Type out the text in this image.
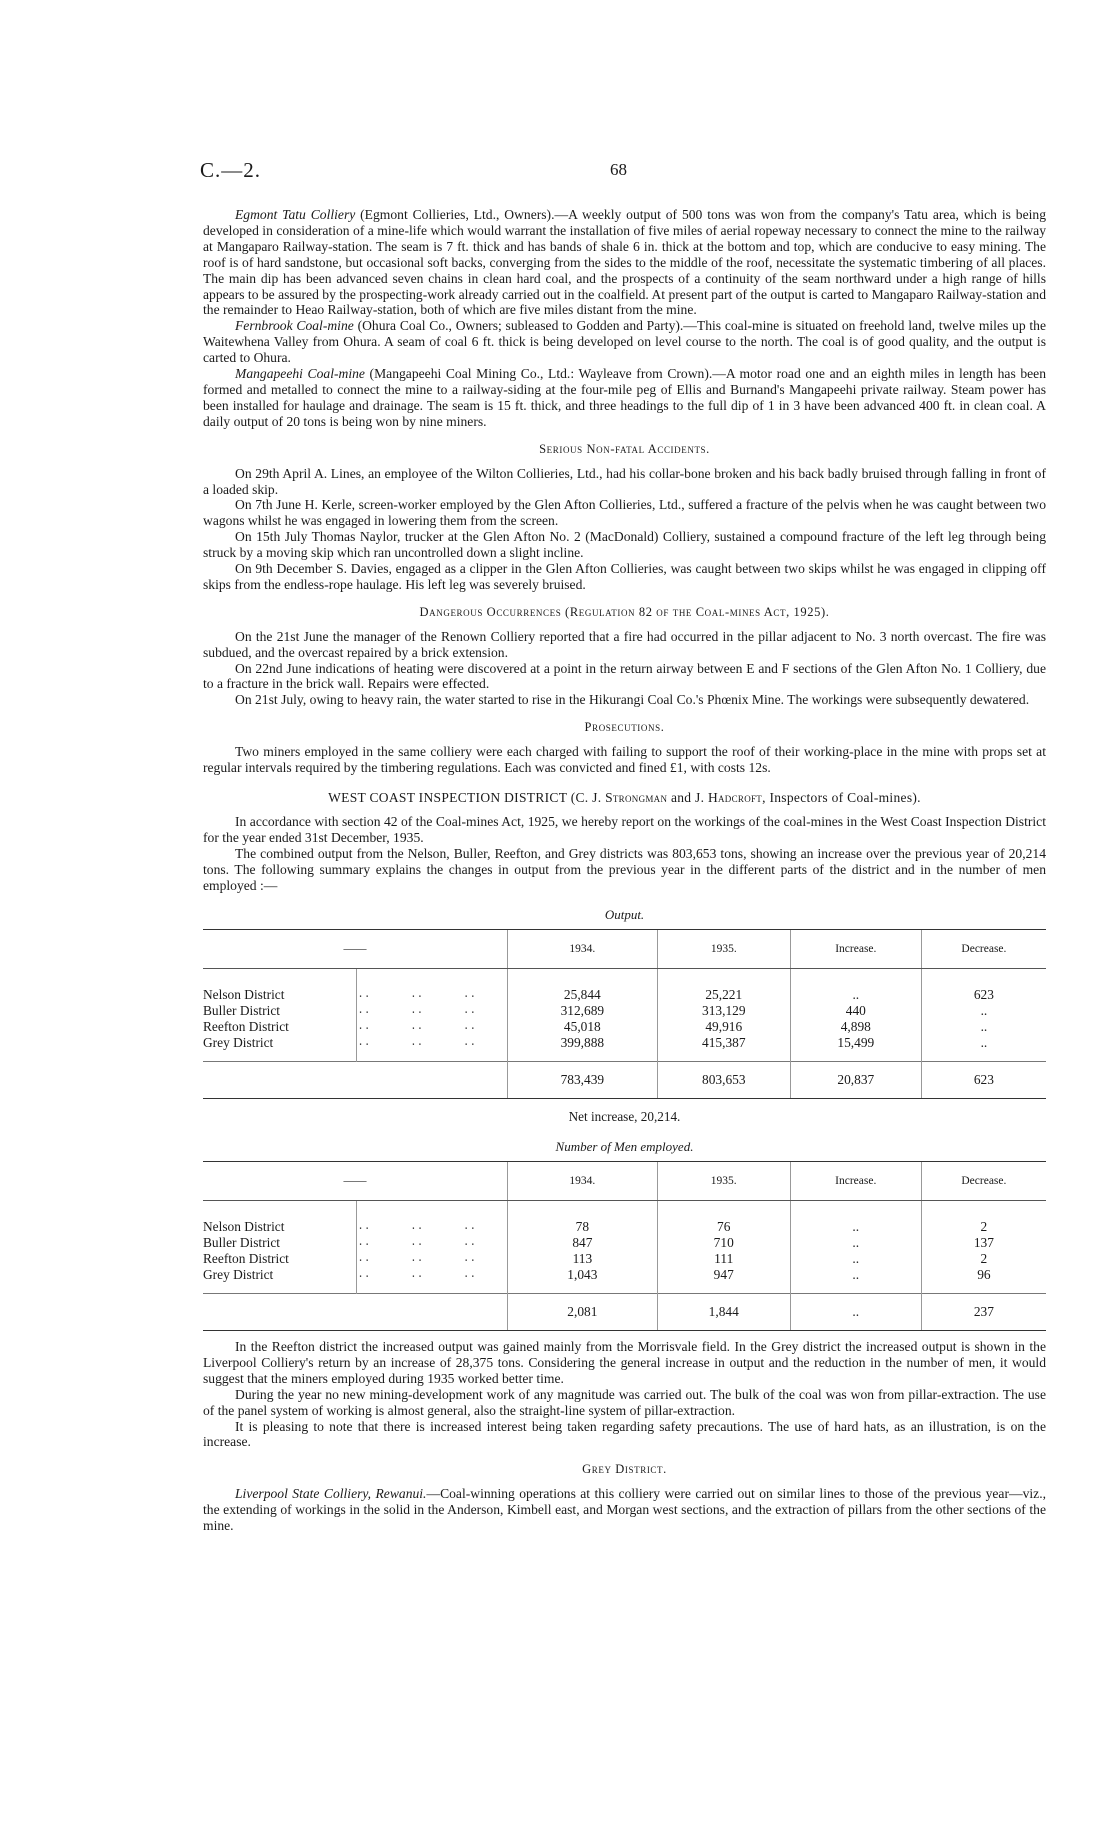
C.—2.	68

Egmont Tatu Colliery (Egmont Collieries, Ltd., Owners).—A weekly output of 500 tons was won from the company's Tatu area, which is being developed in consideration of a mine-life which would warrant the installation of five miles of aerial ropeway necessary to connect the mine to the railway at Mangaparo Railway-station. The seam is 7 ft. thick and has bands of shale 6 in. thick at the bottom and top, which are conducive to easy mining. The roof is of hard sandstone, but occasional soft backs, converging from the sides to the middle of the roof, necessitate the systematic timbering of all places. The main dip has been advanced seven chains in clean hard coal, and the prospects of a continuity of the seam northward under a high range of hills appears to be assured by the prospecting-work already carried out in the coalfield. At present part of the output is carted to Mangaparo Railway-station and the remainder to Heao Railway-station, both of which are five miles distant from the mine.

Fernbrook Coal-mine (Ohura Coal Co., Owners; subleased to Godden and Party).—This coal-mine is situated on freehold land, twelve miles up the Waitewhena Valley from Ohura. A seam of coal 6 ft. thick is being developed on level course to the north. The coal is of good quality, and the output is carted to Ohura.

Mangapeehi Coal-mine (Mangapeehi Coal Mining Co., Ltd.: Wayleave from Crown).—A motor road one and an eighth miles in length has been formed and metalled to connect the mine to a railway-siding at the four-mile peg of Ellis and Burnand's Mangapeehi private railway. Steam power has been installed for haulage and drainage. The seam is 15 ft. thick, and three headings to the full dip of 1 in 3 have been advanced 400 ft. in clean coal. A daily output of 20 tons is being won by nine miners.

Serious Non-fatal Accidents.

On 29th April A. Lines, an employee of the Wilton Collieries, Ltd., had his collar-bone broken and his back badly bruised through falling in front of a loaded skip.

On 7th June H. Kerle, screen-worker employed by the Glen Afton Collieries, Ltd., suffered a fracture of the pelvis when he was caught between two wagons whilst he was engaged in lowering them from the screen.

On 15th July Thomas Naylor, trucker at the Glen Afton No. 2 (MacDonald) Colliery, sustained a compound fracture of the left leg through being struck by a moving skip which ran uncontrolled down a slight incline.

On 9th December S. Davies, engaged as a clipper in the Glen Afton Collieries, was caught between two skips whilst he was engaged in clipping off skips from the endless-rope haulage. His left leg was severely bruised.

Dangerous Occurrences (Regulation 82 of the Coal-mines Act, 1925).

On the 21st June the manager of the Renown Colliery reported that a fire had occurred in the pillar adjacent to No. 3 north overcast. The fire was subdued, and the overcast repaired by a brick extension.

On 22nd June indications of heating were discovered at a point in the return airway between E and F sections of the Glen Afton No. 1 Colliery, due to a fracture in the brick wall. Repairs were effected.

On 21st July, owing to heavy rain, the water started to rise in the Hikurangi Coal Co.'s Phœnix Mine. The workings were subsequently dewatered.

Prosecutions.

Two miners employed in the same colliery were each charged with failing to support the roof of their working-place in the mine with props set at regular intervals required by the timbering regulations. Each was convicted and fined £1, with costs 12s.

WEST COAST INSPECTION DISTRICT (C. J. Strongman and J. Hadcroft, Inspectors of Coal-mines).

In accordance with section 42 of the Coal-mines Act, 1925, we hereby report on the workings of the coal-mines in the West Coast Inspection District for the year ended 31st December, 1935.

The combined output from the Nelson, Buller, Reefton, and Grey districts was 803,653 tons, showing an increase over the previous year of 20,214 tons. The following summary explains the changes in output from the previous year in the different parts of the district and in the number of men employed :—

Output.
——		1934.	1935.	Increase.	Decrease.
Nelson District	..      ..      ..	25,844	25,221	..	623
Buller District	..      ..      ..	312,689	313,129	440	..
Reefton District	..      ..      ..	45,018	49,916	4,898	..
Grey District	..      ..      ..	399,888	415,387	15,499	..
		783,439	803,653	20,837	623
Net increase, 20,214.
Number of Men employed.
——		1934.	1935.	Increase.	Decrease.
Nelson District	..      ..      ..	78	76	..	2
Buller District	..      ..      ..	847	710	..	137
Reefton District	..      ..      ..	113	111	..	2
Grey District	..      ..      ..	1,043	947	..	96
		2,081	1,844	..	237

In the Reefton district the increased output was gained mainly from the Morrisvale field. In the Grey district the increased output is shown in the Liverpool Colliery's return by an increase of 28,375 tons. Considering the general increase in output and the reduction in the number of men, it would suggest that the miners employed during 1935 worked better time.

During the year no new mining-development work of any magnitude was carried out. The bulk of the coal was won from pillar-extraction. The use of the panel system of working is almost general, also the straight-line system of pillar-extraction.

It is pleasing to note that there is increased interest being taken regarding safety precautions. The use of hard hats, as an illustration, is on the increase.

Grey District.

Liverpool State Colliery, Rewanui.—Coal-winning operations at this colliery were carried out on similar lines to those of the previous year—viz., the extending of workings in the solid in the Anderson, Kimbell east, and Morgan west sections, and the extraction of pillars from the other sections of the mine.
